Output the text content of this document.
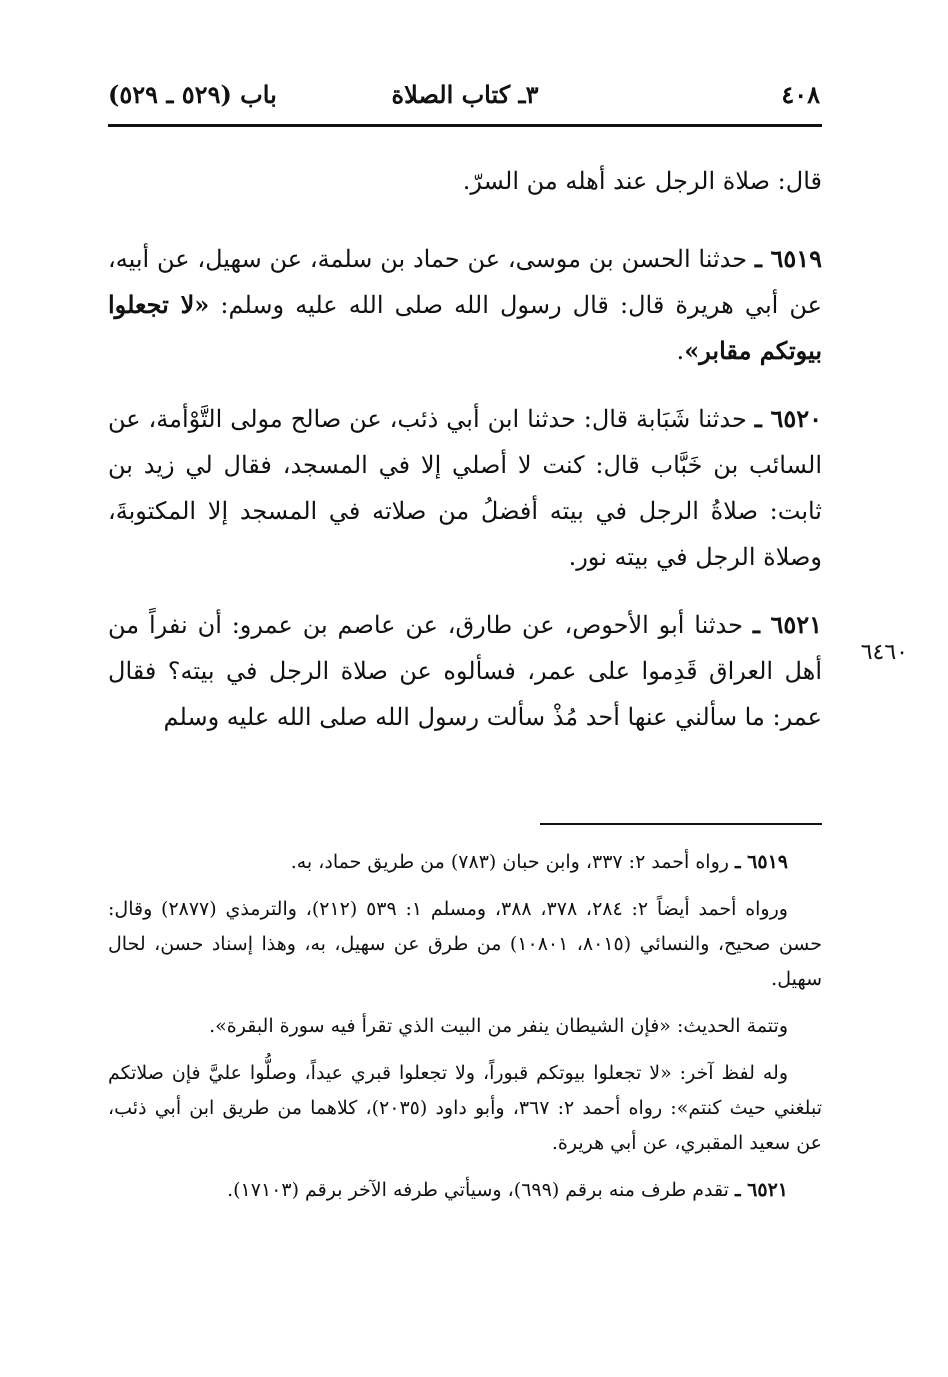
٤٠٨
٣ـ كتاب الصلاة
باب (٥٢٩ ـ ٥٢٩)

قال: صلاة الرجل عند أهله من السرّ.

٦٥١٩ ـ حدثنا الحسن بن موسى، عن حماد بن سلمة، عن سهيل، عن أبيه، عن أبي هريرة قال: قال رسول الله صلى الله عليه وسلم: «لا تجعلوا بيوتكم مقابر».

٦٥٢٠ ـ حدثنا شَبَابة قال: حدثنا ابن أبي ذئب، عن صالح مولى التَّوْأمة، عن السائب بن خَبَّاب قال: كنت لا أصلي إلا في المسجد، فقال لي زيد بن ثابت: صلاةُ الرجل في بيته أفضلُ من صلاته في المسجد إلا المكتوبةَ، وصلاة الرجل في بيته نور.

٦٥٢١ ـ حدثنا أبو الأحوص، عن طارق، عن عاصم بن عمرو: أن نفراً من أهل العراق قَدِموا على عمر، فسألوه عن صلاة الرجل في بيته؟ فقال عمر: ما سألني عنها أحد مُذْ سألت رسول الله صلى الله عليه وسلم

٦٤٦٠

٦٥١٩ ـ رواه أحمد ٢: ٣٣٧، وابن حبان (٧٨٣) من طريق حماد، به.

ورواه أحمد أيضاً ٢: ٢٨٤، ٣٧٨، ٣٨٨، ومسلم ١: ٥٣٩ (٢١٢)، والترمذي (٢٨٧٧) وقال: حسن صحيح، والنسائي (٨٠١٥، ١٠٨٠١) من طرق عن سهيل، به، وهذا إسناد حسن، لحال سهيل.

وتتمة الحديث: «فإن الشيطان ينفر من البيت الذي تقرأ فيه سورة البقرة».

وله لفظ آخر: «لا تجعلوا بيوتكم قبوراً، ولا تجعلوا قبري عيداً، وصلُّوا عليَّ فإن صلاتكم تبلغني حيث كنتم»: رواه أحمد ٢: ٣٦٧، وأبو داود (٢٠٣٥)، كلاهما من طريق ابن أبي ذئب، عن سعيد المقبري، عن أبي هريرة.

٦٥٢١ ـ تقدم طرف منه برقم (٦٩٩)، وسيأتي طرفه الآخر برقم (١٧١٠٣).
